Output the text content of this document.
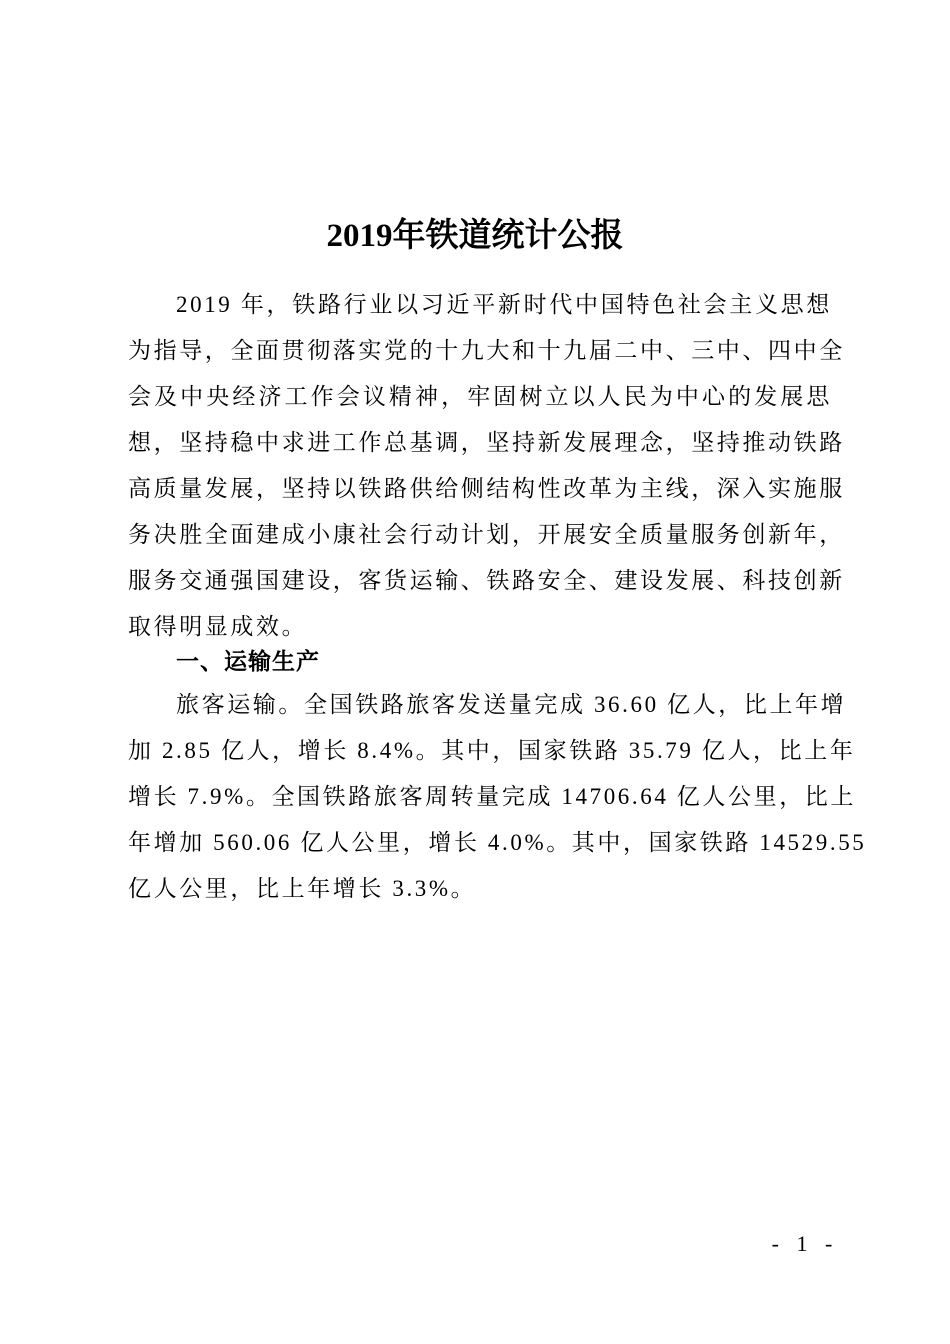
2019年铁道统计公报
2019 年，铁路行业以习近平新时代中国特色社会主义思想
为指导，全面贯彻落实党的十九大和十九届二中、三中、四中全
会及中央经济工作会议精神，牢固树立以人民为中心的发展思
想，坚持稳中求进工作总基调，坚持新发展理念，坚持推动铁路
高质量发展，坚持以铁路供给侧结构性改革为主线，深入实施服
务决胜全面建成小康社会行动计划，开展安全质量服务创新年，
服务交通强国建设，客货运输、铁路安全、建设发展、科技创新
取得明显成效。
一、运输生产
旅客运输。全国铁路旅客发送量完成 36.60 亿人，比上年增
加 2.85 亿人，增长 8.4%。其中，国家铁路 35.79 亿人，比上年
增长 7.9%。全国铁路旅客周转量完成 14706.64 亿人公里，比上
年增加 560.06 亿人公里，增长 4.0%。其中，国家铁路 14529.55
亿人公里，比上年增长 3.3%。
- 1 -
